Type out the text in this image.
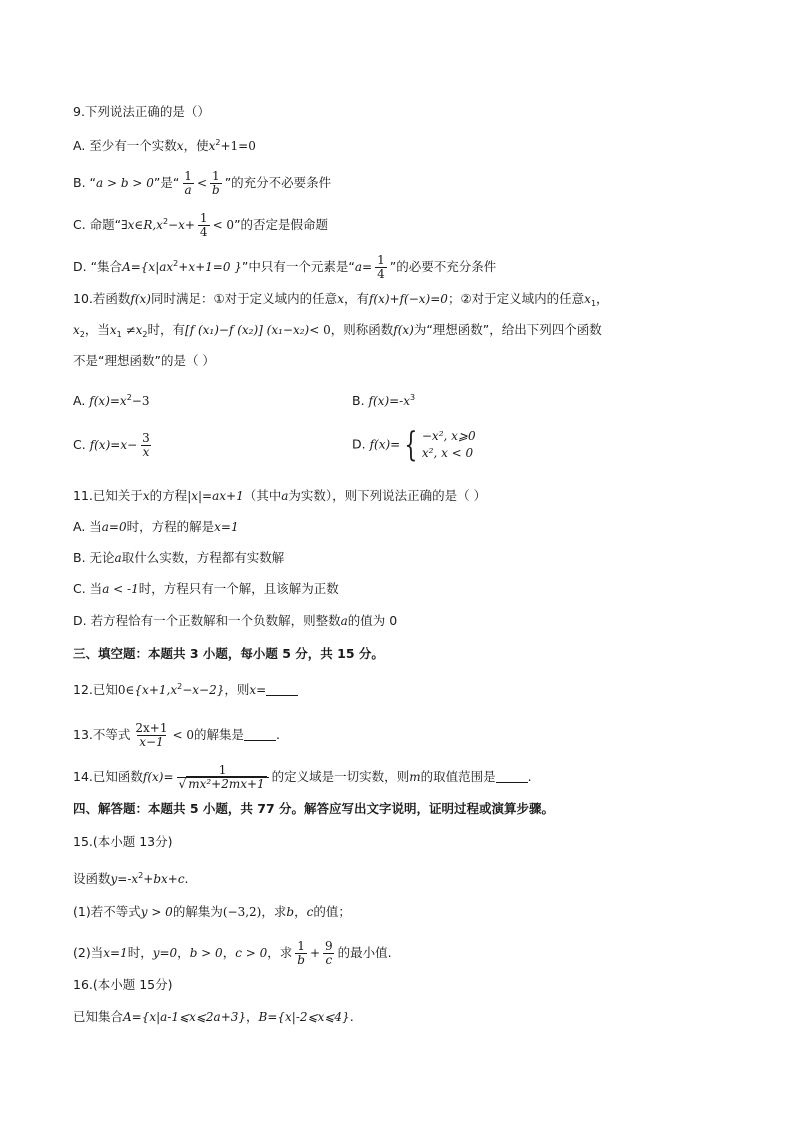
9.下列说法正确的是（）
A. 至少有一个实数x，使$x^2+1=0$
B. “a > b > 0”是“ $\frac{1}{a} < \frac{1}{b}$ ”的充分不必要条件
C. 命题“$\exists x\in R,x^2-x+ \frac{1}{4} < 0$”的否定是假命题
D. “集合$A=\{x|ax^2+x+1=0$ }”中只有一个元素是“$a= \frac{1}{4}$ ”的必要不充分条件
10.若函数f(x)同时满足：①对于定义域内的任意x，有f(x)+f(−x)=0；②对于定义域内的任意$x_1$，
$x_2$，当$x_1 \ne x_2$时，有[f (x₁)−f (x₂)] (x₁−x₂)< 0，则称函数f(x)为“理想函数”，给出下列四个函数
不是“理想函数”的是（ ）
A. $f(x)=x^2-3$	B. $f(x)=-x^3$
C. $f(x)=x- \frac{3}{x}$	D. f(x)= { −x², x⩾0
x², x < 0
11.已知关于x的方程|x|=ax+1（其中a为实数），则下列说法正确的是（ ）
A. 当a=0时，方程的解是x=1
B. 无论a取什么实数，方程都有实数解
C. 当a < -1时，方程只有一个解，且该解为正数
D. 若方程恰有一个正数解和一个负数解，则整数a的值为 0
三、填空题：本题共 3 小题，每小题 5 分，共 15 分。
12.已知$0\in\{x+1,x^2-x-2\}$，则x=
13.不等式 $\frac{2x+1}{x-1} < 0$的解集是	.
14.已知函数$f(x)= \frac{1}{\text{√ mx²+2mx+1}}$ 的定义域是一切实数，则m的取值范围是	.
四、解答题：本题共 5 小题，共 77 分。解答应写出文字说明，证明过程或演算步骤。
15.(本小题 13分)
设函数$y=-x^2+bx+c$.
(1)若不等式y > 0的解集为(−3,2)，求b，c的值；
(2)当x=1时，y=0，b > 0，c > 0，求 $\frac{1}{b} + \frac{9}{c}$ 的最小值.
16.(本小题 15分)
已知集合A={x|a-1⩽x⩽2a+3}，B={x|-2⩽x⩽4}.
